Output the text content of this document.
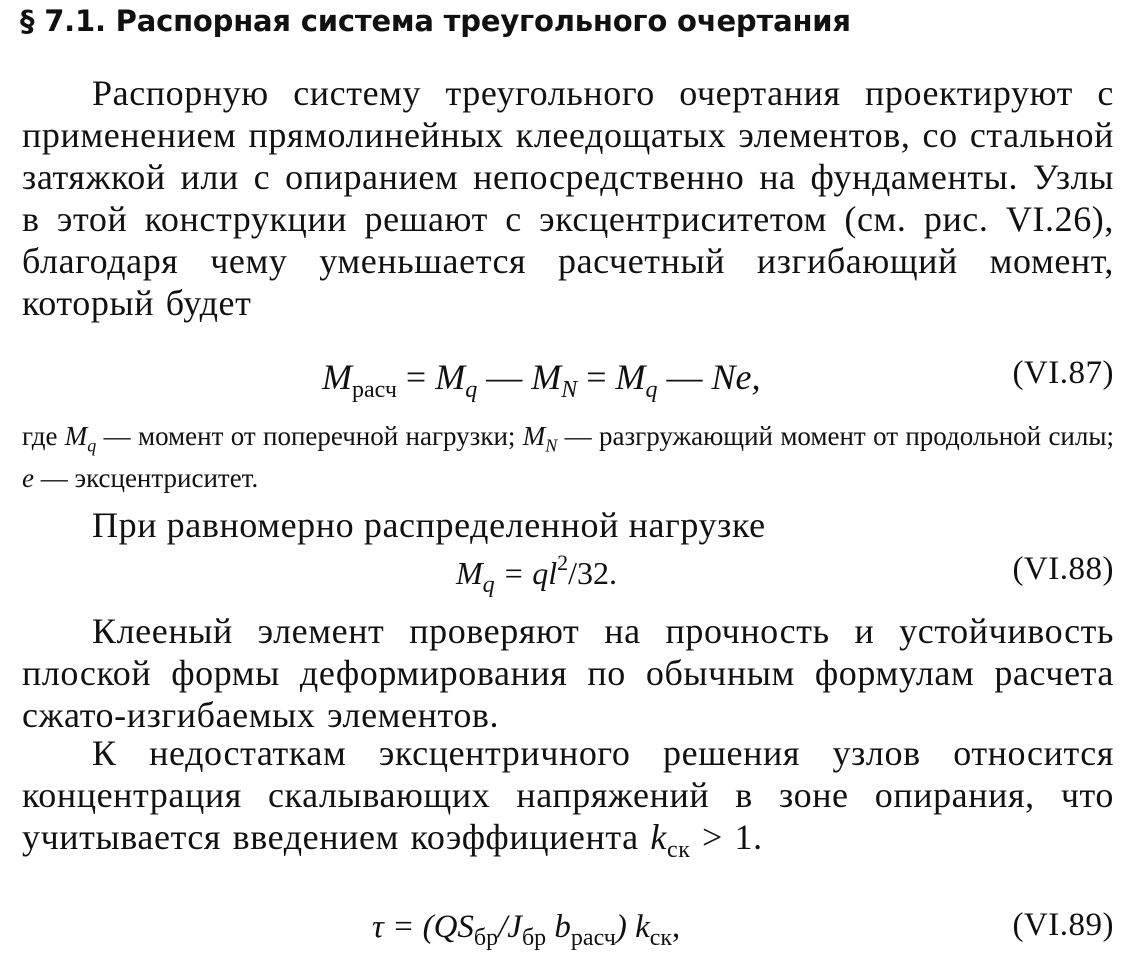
§ 7.1. Распорная система треугольного очертания
Распорную систему треугольного очертания проектируют с применением прямолинейных клеедощатых элементов, со стальной затяжкой или с опиранием непосредственно на фундаменты. Узлы в этой конструкции решают с эксцентриситетом (см. рис. VI.26), благодаря чему уменьшается расчетный изгибающий момент, который будет
$M_{расч} = M_q$ — $M_N = M_q$ — Ne,	(VI.87)
где $M_q$ — момент от поперечной нагрузки; $M_N$ — разгружающий момент от продольной силы; e — эксцентриситет.
При равномерно распределенной нагрузке
$M_q = ql^2/32$.	(VI.88)
Клееный элемент проверяют на прочность и устойчивость плоской формы деформирования по обычным формулам расчета сжато-изгибаемых элементов.
К недостаткам эксцентричного решения узлов относится концентрация скалывающих напряжений в зоне опирания, что учитывается введением коэффициента $k_{ск} > 1$.
$\tau = (QS_{бр}/J_{бр}$ $b_{расч}$) $k_{ск}$,	(VI.89)
